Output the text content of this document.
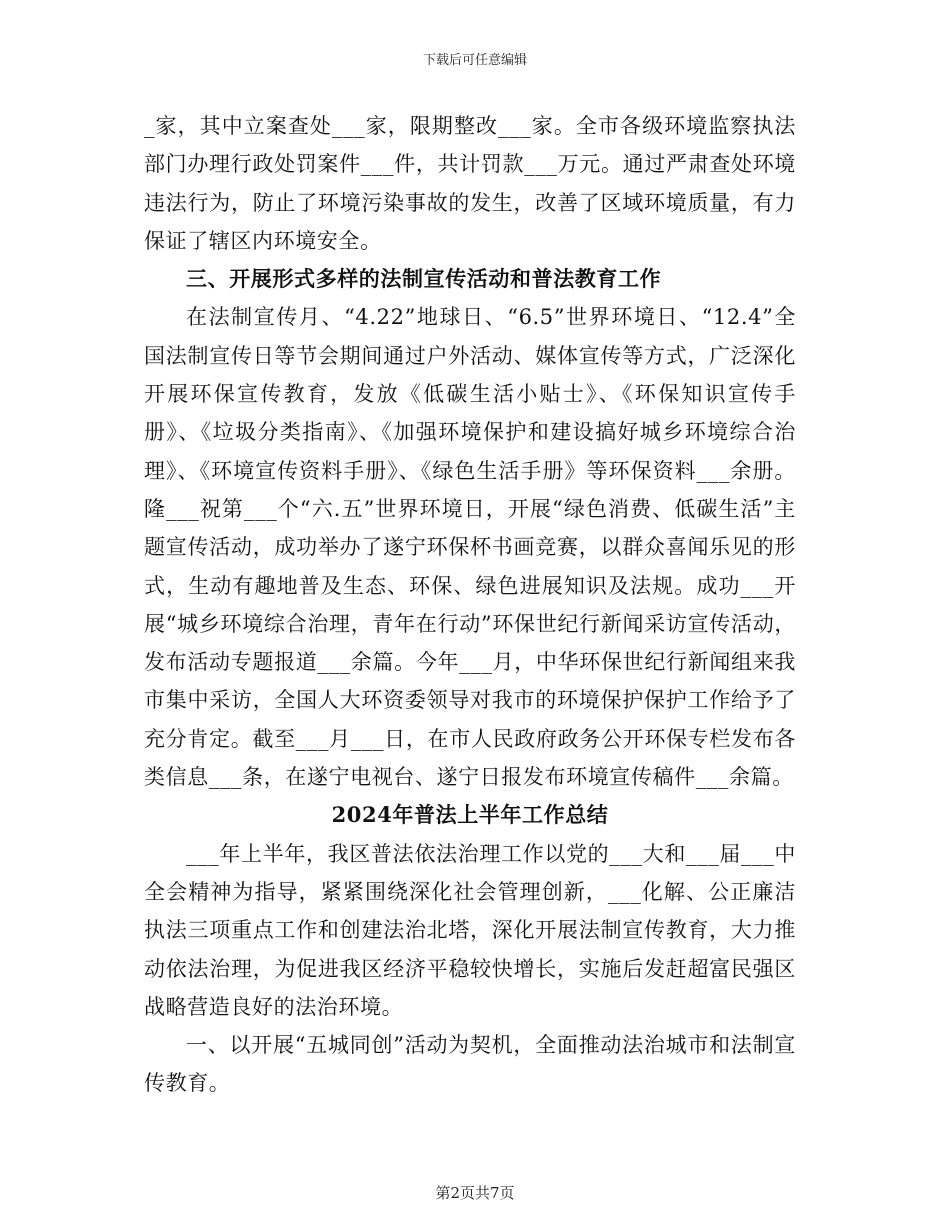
下载后可任意编辑

_家，其中立案查处___家，限期整改___家。全市各级环境监察执法部门办理行政处罚案件___件，共计罚款___万元。通过严肃查处环境违法行为，防止了环境污染事故的发生，改善了区域环境质量，有力保证了辖区内环境安全。

三、开展形式多样的法制宣传活动和普法教育工作

在法制宣传月、“4.22”地球日、“6.5”世界环境日、“12.4”全国法制宣传日等节会期间通过户外活动、媒体宣传等方式，广泛深化开展环保宣传教育，发放《低碳生活小贴士》、《环保知识宣传手册》、《垃圾分类指南》、《加强环境保护和建设搞好城乡环境综合治理》、《环境宣传资料手册》、《绿色生活手册》等环保资料___余册。隆___祝第___个“六.五”世界环境日，开展“绿色消费、低碳生活”主题宣传活动，成功举办了遂宁环保杯书画竞赛，以群众喜闻乐见的形式，生动有趣地普及生态、环保、绿色进展知识及法规。成功___开展“城乡环境综合治理，青年在行动”环保世纪行新闻采访宣传活动，发布活动专题报道___余篇。今年___月，中华环保世纪行新闻组来我市集中采访，全国人大环资委领导对我市的环境保护保护工作给予了充分肯定。截至___月___日，在市人民政府政务公开环保专栏发布各类信息___条，在遂宁电视台、遂宁日报发布环境宣传稿件___余篇。

2024年普法上半年工作总结

___年上半年，我区普法依法治理工作以党的___大和___届___中全会精神为指导，紧紧围绕深化社会管理创新，___化解、公正廉洁执法三项重点工作和创建法治北塔，深化开展法制宣传教育，大力推动依法治理，为促进我区经济平稳较快增长，实施后发赶超富民强区战略营造良好的法治环境。

一、以开展“五城同创”活动为契机，全面推动法治城市和法制宣传教育。

第2页共7页
